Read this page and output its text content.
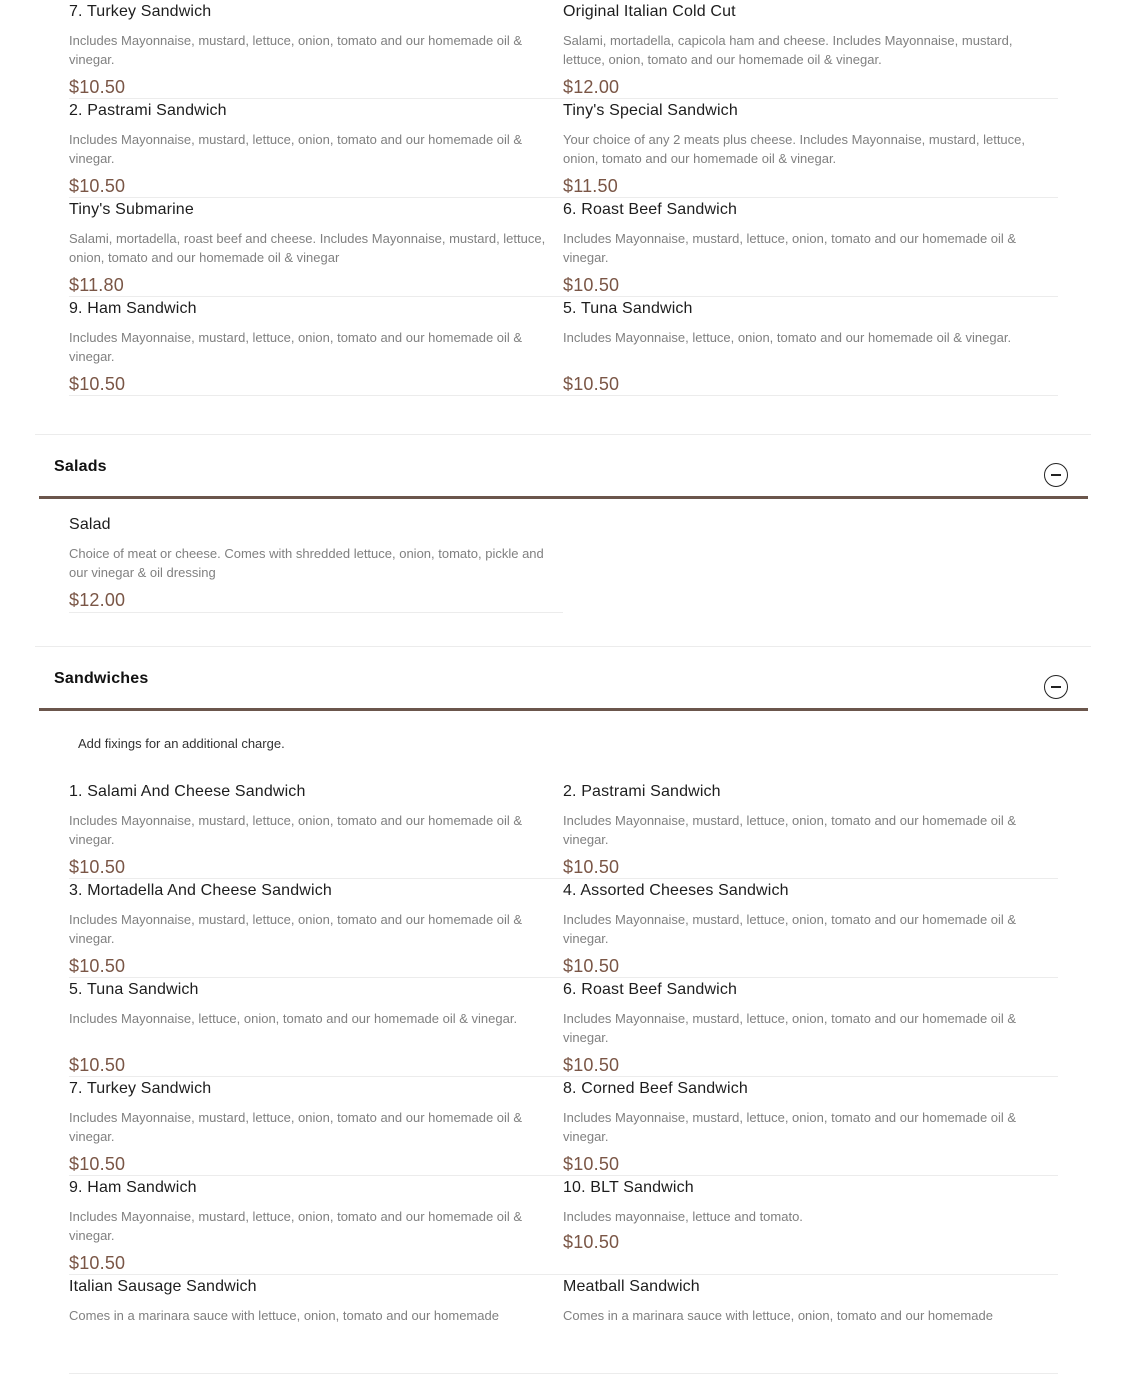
7. Turkey Sandwich
Includes Mayonnaise, mustard, lettuce, onion, tomato and our homemade oil & vinegar.
$10.50
Original Italian Cold Cut
Salami, mortadella, capicola ham and cheese. Includes Mayonnaise, mustard, lettuce, onion, tomato and our homemade oil & vinegar.
$12.00
2. Pastrami Sandwich
Includes Mayonnaise, mustard, lettuce, onion, tomato and our homemade oil & vinegar.
$10.50
Tiny's Special Sandwich
Your choice of any 2 meats plus cheese. Includes Mayonnaise, mustard, lettuce, onion, tomato and our homemade oil & vinegar.
$11.50
Tiny's Submarine
Salami, mortadella, roast beef and cheese. Includes Mayonnaise, mustard, lettuce, onion, tomato and our homemade oil & vinegar
$11.80
6. Roast Beef Sandwich
Includes Mayonnaise, mustard, lettuce, onion, tomato and our homemade oil & vinegar.
$10.50
9. Ham Sandwich
Includes Mayonnaise, mustard, lettuce, onion, tomato and our homemade oil & vinegar.
$10.50
5. Tuna Sandwich
Includes Mayonnaise, lettuce, onion, tomato and our homemade oil & vinegar.
$10.50
Salads
Salad
Choice of meat or cheese. Comes with shredded lettuce, onion, tomato, pickle and our vinegar & oil dressing
$12.00
Sandwiches
Add fixings for an additional charge.
1. Salami And Cheese Sandwich
Includes Mayonnaise, mustard, lettuce, onion, tomato and our homemade oil & vinegar.
$10.50
2. Pastrami Sandwich
Includes Mayonnaise, mustard, lettuce, onion, tomato and our homemade oil & vinegar.
$10.50
3. Mortadella And Cheese Sandwich
Includes Mayonnaise, mustard, lettuce, onion, tomato and our homemade oil & vinegar.
$10.50
4. Assorted Cheeses Sandwich
Includes Mayonnaise, mustard, lettuce, onion, tomato and our homemade oil & vinegar.
$10.50
5. Tuna Sandwich
Includes Mayonnaise, lettuce, onion, tomato and our homemade oil & vinegar.
$10.50
6. Roast Beef Sandwich
Includes Mayonnaise, mustard, lettuce, onion, tomato and our homemade oil & vinegar.
$10.50
7. Turkey Sandwich
Includes Mayonnaise, mustard, lettuce, onion, tomato and our homemade oil & vinegar.
$10.50
8. Corned Beef Sandwich
Includes Mayonnaise, mustard, lettuce, onion, tomato and our homemade oil & vinegar.
$10.50
9. Ham Sandwich
Includes Mayonnaise, mustard, lettuce, onion, tomato and our homemade oil & vinegar.
$10.50
10. BLT Sandwich
Includes mayonnaise, lettuce and tomato.
$10.50
Italian Sausage Sandwich
Comes in a marinara sauce with lettuce, onion, tomato and our homemade
Meatball Sandwich
Comes in a marinara sauce with lettuce, onion, tomato and our homemade
